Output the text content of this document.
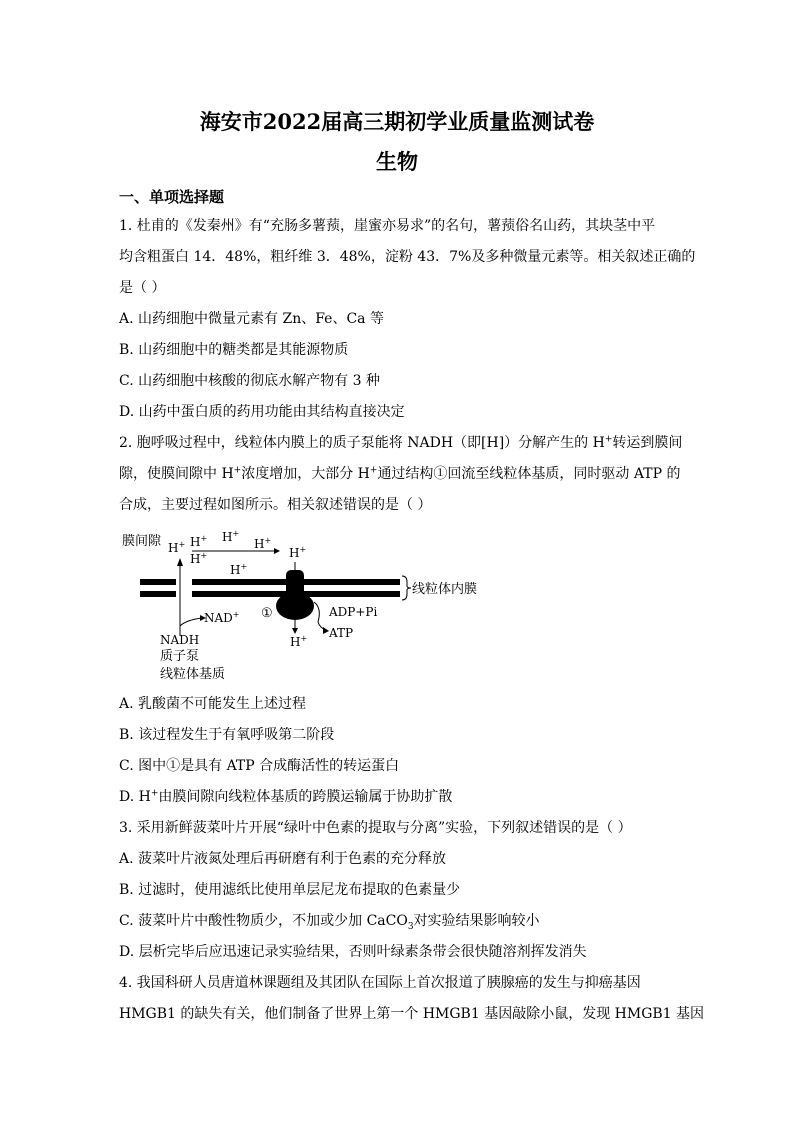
海安市2022届高三期初学业质量监测试卷
生物
一、单项选择题
1. 杜甫的《发秦州》有“充肠多薯蓣，崖蜜亦易求”的名句，薯蓣俗名山药，其块茎中平
均含粗蛋白 14．48%，粗纤维 3．48%，淀粉 43．7%及多种微量元素等。相关叙述正确的
是（ ）
A. 山药细胞中微量元素有 Zn、Fe、Ca 等
B. 山药细胞中的糖类都是其能源物质
C. 山药细胞中核酸的彻底水解产物有 3 种
D. 山药中蛋白质的药用功能由其结构直接决定
2. 胞呼吸过程中，线粒体内膜上的质子泵能将 NADH（即[H]）分解产生的 H+转运到膜间
隙，使膜间隙中 H+浓度增加，大部分 H+通过结构①回流至线粒体基质，同时驱动 ATP 的
合成，主要过程如图所示。相关叙述错误的是（ ）
膜间隙 H+ H+ H+
H+
H+
H+
H+
H+
①
NAD+	ADP+Pi
ATP
线粒体内膜
NADH
质子泵
线粒体基质
A. 乳酸菌不可能发生上述过程
B. 该过程发生于有氧呼吸第二阶段
C. 图中①是具有 ATP 合成酶活性的转运蛋白
D. H+由膜间隙向线粒体基质的跨膜运输属于协助扩散
3. 采用新鲜菠菜叶片开展“绿叶中色素的提取与分离”实验，下列叙述错误的是（ ）
A. 菠菜叶片液氮处理后再研磨有利于色素的充分释放
B. 过滤时，使用滤纸比使用单层尼龙布提取的色素量少
C. 菠菜叶片中酸性物质少，不加或少加 CaCO$_3$对实验结果影响较小
D. 层析完毕后应迅速记录实验结果，否则叶绿素条带会很快随溶剂挥发消失
4. 我国科研人员唐道林课题组及其团队在国际上首次报道了胰腺癌的发生与抑癌基因
HMGB1 的缺失有关，他们制备了世界上第一个 HMGB1 基因敲除小鼠，发现 HMGB1 基因
